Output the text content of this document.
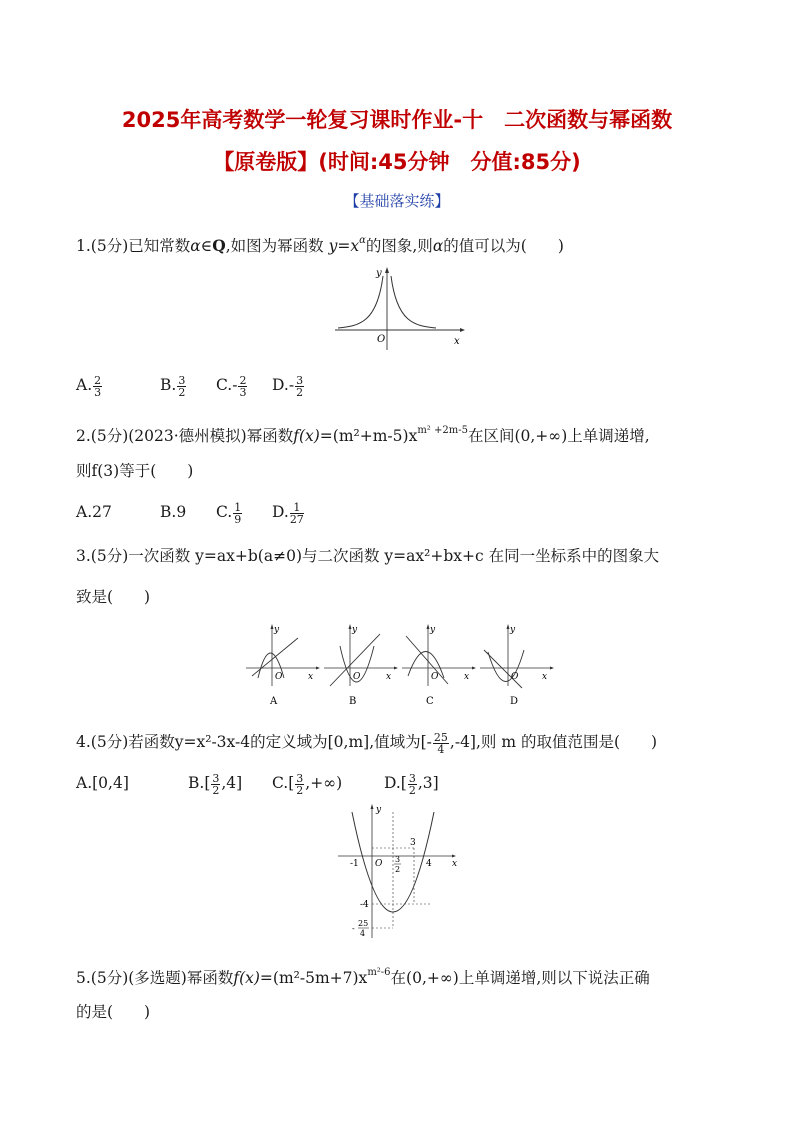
2025年高考数学一轮复习课时作业-十　二次函数与幂函数
【原卷版】(时间:45分钟　分值:85分)
【基础落实练】
1.(5分)已知常数α∈Q,如图为幂函数 $y=x^\alpha$的图象,则α的值可以为(　　)
x
y
O
A. $\frac{2}{3}$	B. $\frac{3}{2} C.- \frac{2}{3} D.- \frac{3}{2}$
2.(5分)(2023·德州模拟)幂函数$f(x)=(m^2+m-5)x^{m^2 +2m-5}$在区间(0,+∞)上单调递增,
则f(3)等于(　　)
A.27	B.9 C. $\frac{1}{9} D$. $\frac{1}{27}$
3.(5分)一次函数 y=ax+b(a≠0)与二次函数 y=ax²+bx+c 在同一坐标系中的图象大
致是(　　)
y
O	x
A
y
O	x
B
y
O	x
C
y
O	x
D
4.(5分)若函数y=x²-3x-4的定义域为[0,m],值域为[- $\frac{25}{4} ,-4$],则 m 的取值范围是(　　)
A.[0,4]	$B.[ \frac{3}{2} ,4]$ $C.[ \frac{3}{2}$ ,+∞)	$D.[ \frac{3}{2} ,3]$
x
y
O
-1	4
3
3
2
-4
-
25
4
5.(5分)(多选题)幂函数$f(x)=(m^2-5m+7)x^{m^2-6}$在(0,+∞)上单调递增,则以下说法正确
的是(　　)
